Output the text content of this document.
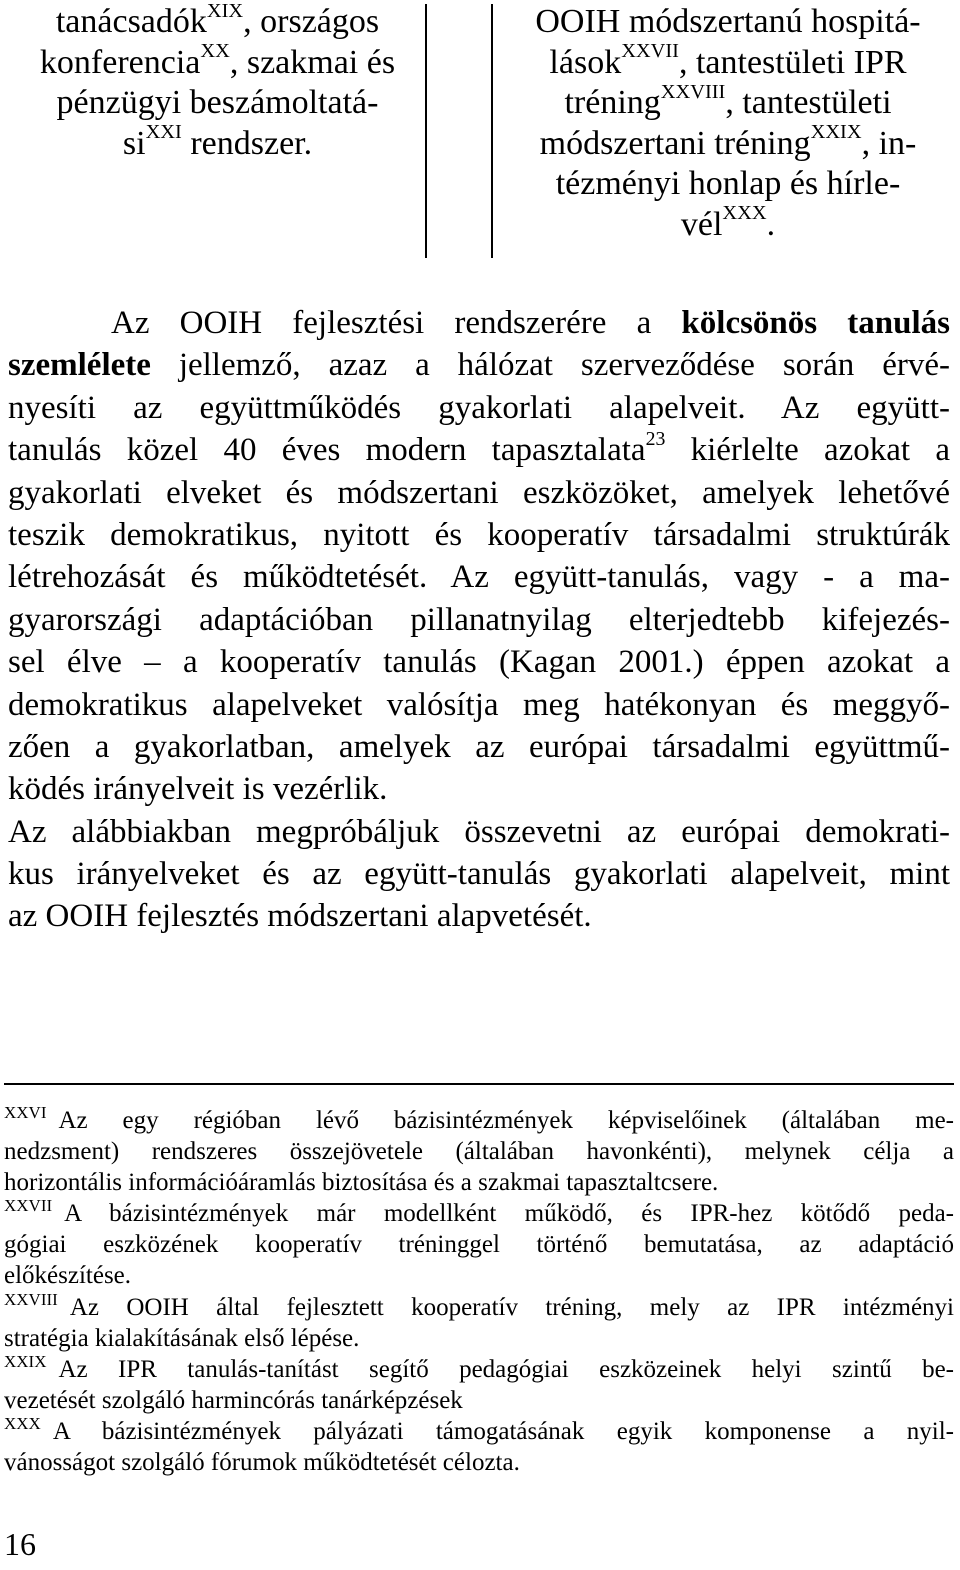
tanácsadók$^{XIX}$, országos
konferencia$^{XX}$, szakmai és
pénzügyi beszámoltatá-
$si^{XXI}$ rendszer.
OOIH módszertanú hospitá-
lások$^{XXVII}$, tantestületi IPR
tréning$^{XXVIII}$, tantestületi
módszertani tréning$^{XXIX}$, in-
tézményi honlap és hírle-
vél$^{XXX}$.
Az OOIH fejlesztési rendszerére a kölcsönös tanulás
szemlélete jellemző, azaz a hálózat szerveződése során érvé-
nyesíti az együttműködés gyakorlati alapelveit. Az együtt-
tanulás közel 40 éves modern tapasztalata$^{23}$ kiérlelte azokat a
gyakorlati elveket és módszertani eszközöket, amelyek lehetővé
teszik demokratikus, nyitott és kooperatív társadalmi struktúrák
létrehozását és működtetését. Az együtt-tanulás, vagy - a ma-
gyarországi adaptációban pillanatnyilag elterjedtebb kifejezés-
sel élve – a kooperatív tanulás (Kagan 2001.) éppen azokat a
demokratikus alapelveket valósítja meg hatékonyan és meggyő-
zően a gyakorlatban, amelyek az európai társadalmi együttmű-
ködés irányelveit is vezérlik.
Az alábbiakban megpróbáljuk összevetni az európai demokrati-
kus irányelveket és az együtt-tanulás gyakorlati alapelveit, mint
az OOIH fejlesztés módszertani alapvetését.
$^{XXVI}$ Az egy régióban lévő bázisintézmények képviselőinek (általában me-
nedzsment) rendszeres összejövetele (általában havonkénti), melynek célja a
horizontális információáramlás biztosítása és a szakmai tapasztaltcsere.
$^{XXVII}$ A bázisintézmények már modellként működő, és IPR-hez kötődő peda-
gógiai eszközének kooperatív tréninggel történő bemutatása, az adaptáció
előkészítése.
$^{XXVIII}$ Az OOIH által fejlesztett kooperatív tréning, mely az IPR intézményi
stratégia kialakításának első lépése.
$^{XXIX}$ Az IPR tanulás-tanítást segítő pedagógiai eszközeinek helyi szintű be-
vezetését szolgáló harmincórás tanárképzések
$^{XXX}$ A bázisintézmények pályázati támogatásának egyik komponense a nyil-
vánosságot szolgáló fórumok működtetését célozta.
16
